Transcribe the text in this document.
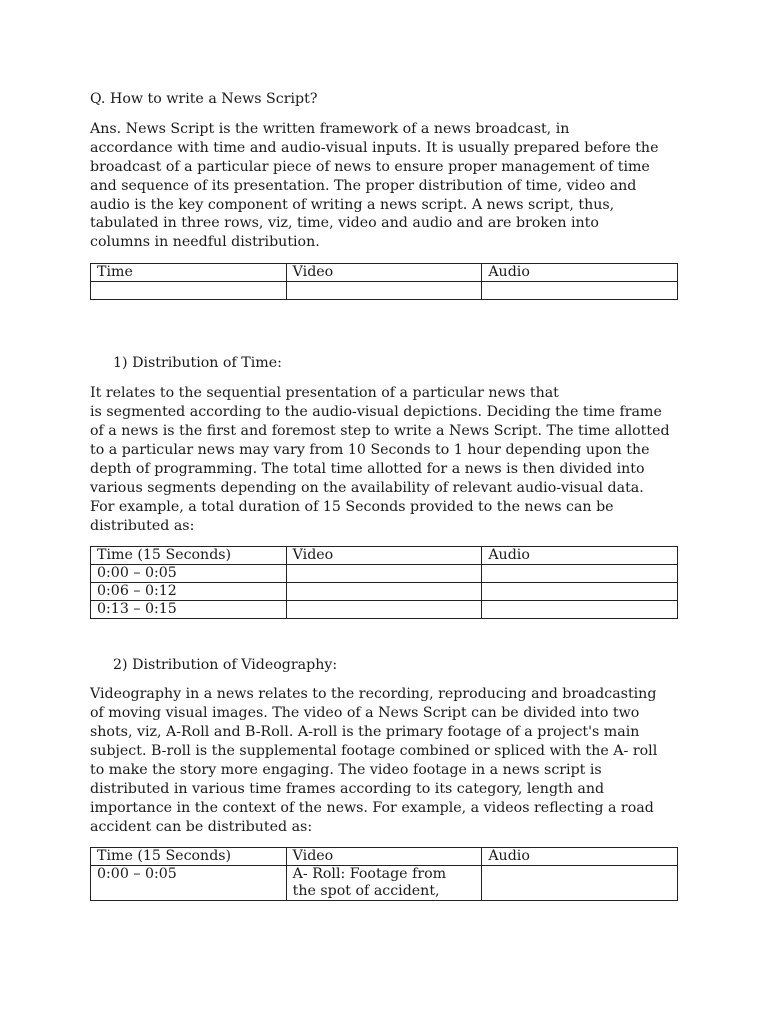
Q. How to write a News Script?

Ans. News Script is the written framework of a news broadcast, in
accordance with time and audio-visual inputs. It is usually prepared before the
broadcast of a particular piece of news to ensure proper management of time
and sequence of its presentation. The proper distribution of time, video and
audio is the key component of writing a news script. A news script, thus,
tabulated in three rows, viz, time, video and audio and are broken into
columns in needful distribution.

Time	Video	Audio

1) Distribution of Time:

It relates to the sequential presentation of a particular news that
is segmented according to the audio-visual depictions. Deciding the time frame
of a news is the first and foremost step to write a News Script. The time allotted
to a particular news may vary from 10 Seconds to 1 hour depending upon the
depth of programming. The total time allotted for a news is then divided into
various segments depending on the availability of relevant audio-visual data.
For example, a total duration of 15 Seconds provided to the news can be
distributed as:

Time (15 Seconds)	Video	Audio
0:00 – 0:05		
0:06 – 0:12		
0:13 – 0:15		

2) Distribution of Videography:

Videography in a news relates to the recording, reproducing and broadcasting
of moving visual images. The video of a News Script can be divided into two
shots, viz, A-Roll and B-Roll. A-roll is the primary footage of a project's main
subject. B-roll is the supplemental footage combined or spliced with the A- roll
to make the story more engaging. The video footage in a news script is
distributed in various time frames according to its category, length and
importance in the context of the news. For example, a videos reflecting a road
accident can be distributed as:

Time (15 Seconds)	Video	Audio
0:00 – 0:05	A- Roll: Footage from
the spot of accident,	
